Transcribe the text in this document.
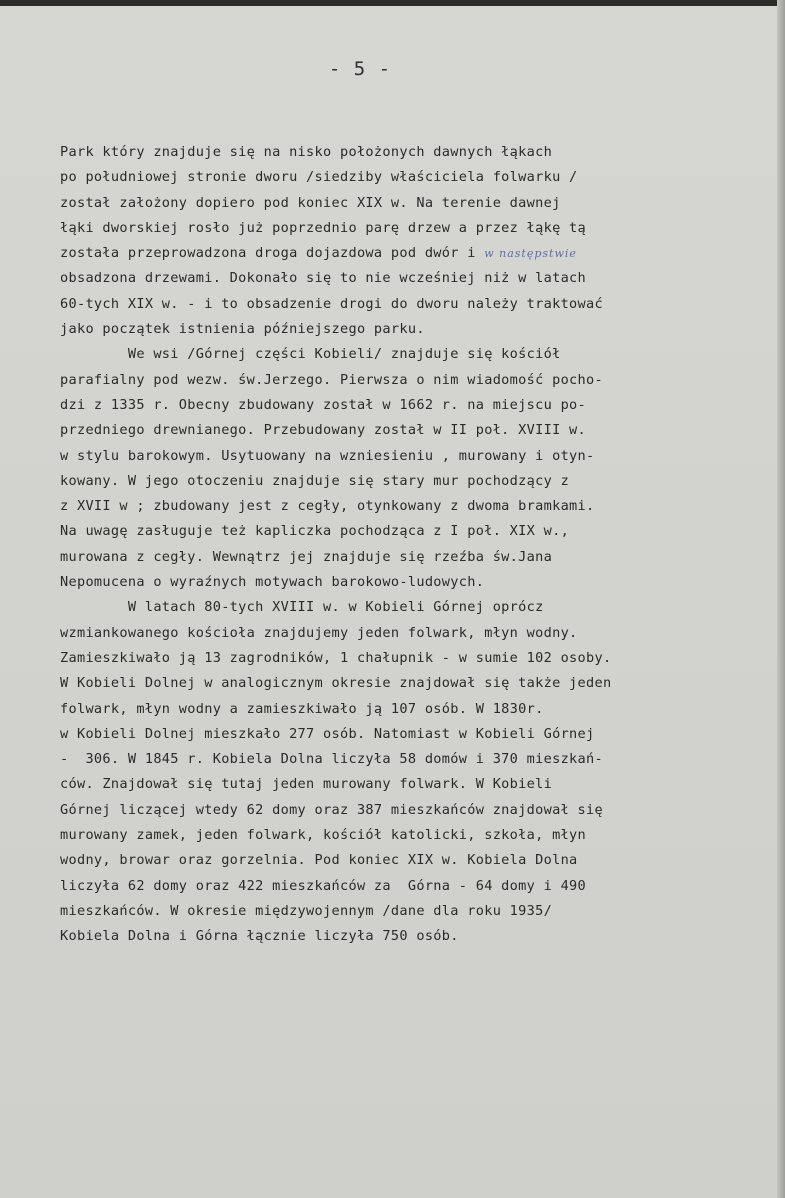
- 5 -
Park który znajduje się na nisko położonych dawnych łąkach
po południowej stronie dworu /siedziby właściciela folwarku /
został założony dopiero pod koniec XIX w. Na terenie dawnej
łąki dworskiej rosło już poprzednio parę drzew a przez łąkę tą
została przeprowadzona droga dojazdowa pod dwór i w następstwie
obsadzona drzewami. Dokonało się to nie wcześniej niż w latach
60-tych XIX w. - i to obsadzenie drogi do dworu należy traktować
jako początek istnienia późniejszego parku.
We wsi /Górnej części Kobieli/ znajduje się kościół
parafialny pod wezw. św.Jerzego. Pierwsza o nim wiadomość pocho-
dzi z 1335 r. Obecny zbudowany został w 1662 r. na miejscu po-
przedniego drewnianego. Przebudowany został w II poł. XVIII w.
w stylu barokowym. Usytuowany na wzniesieniu , murowany i otyn-
kowany. W jego otoczeniu znajduje się stary mur pochodzący z
z XVII w ; zbudowany jest z cegły, otynkowany z dwoma bramkami.
Na uwagę zasługuje też kapliczka pochodząca z I poł. XIX w.,
murowana z cegły. Wewnątrz jej znajduje się rzeźba św.Jana
Nepomucena o wyraźnych motywach barokowo-ludowych.
W latach 80-tych XVIII w. w Kobieli Górnej oprócz
wzmiankowanego kościoła znajdujemy jeden folwark, młyn wodny.
Zamieszkiwało ją 13 zagrodników, 1 chałupnik - w sumie 102 osoby.
W Kobieli Dolnej w analogicznym okresie znajdował się także jeden
folwark, młyn wodny a zamieszkiwało ją 107 osób. W 1830r.
w Kobieli Dolnej mieszkało 277 osób. Natomiast w Kobieli Górnej
-  306. W 1845 r. Kobiela Dolna liczyła 58 domów i 370 mieszkań-
ców. Znajdował się tutaj jeden murowany folwark. W Kobieli
Górnej liczącej wtedy 62 domy oraz 387 mieszkańców znajdował się
murowany zamek, jeden folwark, kościół katolicki, szkoła, młyn
wodny, browar oraz gorzelnia. Pod koniec XIX w. Kobiela Dolna
liczyła 62 domy oraz 422 mieszkańców za  Górna - 64 domy i 490
mieszkańców. W okresie międzywojennym /dane dla roku 1935/
Kobiela Dolna i Górna łącznie liczyła 750 osób.
